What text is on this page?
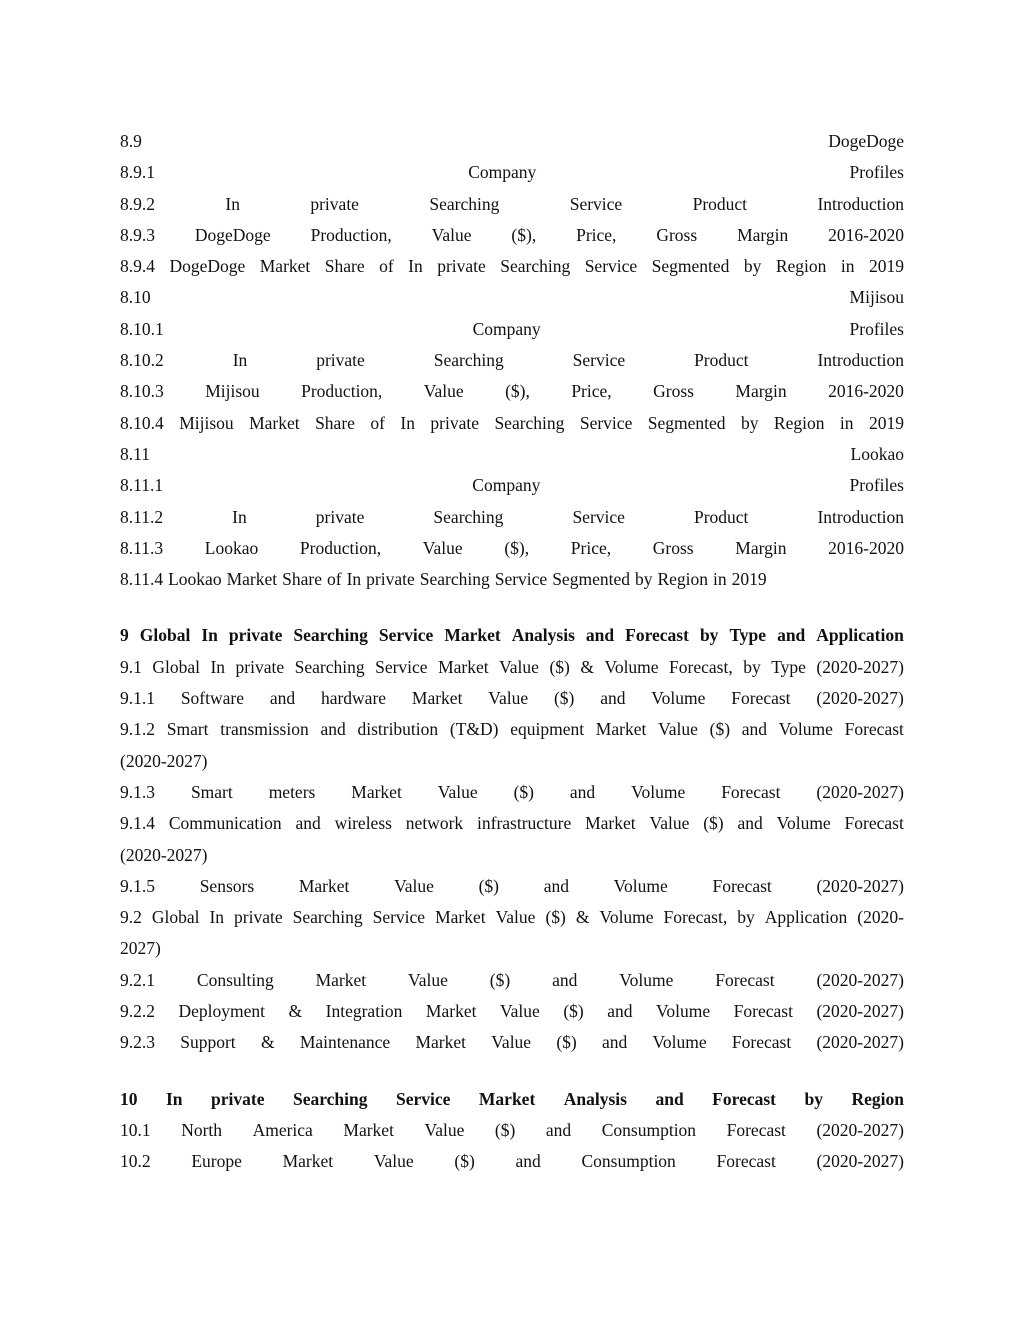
8.9	DogeDoge
8.9.1	Company	Profiles
8.9.2	In	private	Searching	Service	Product	Introduction
8.9.3 DogeDoge Production, Value ($), Price, Gross Margin 2016-2020
8.9.4 DogeDoge Market Share of In private Searching Service Segmented by Region in 2019
8.10	Mijisou
8.10.1	Company	Profiles
8.10.2	In	private	Searching	Service	Product	Introduction
8.10.3 Mijisou Production, Value ($), Price, Gross Margin 2016-2020
8.10.4 Mijisou Market Share of In private Searching Service Segmented by Region in 2019
8.11	Lookao
8.11.1	Company	Profiles
8.11.2	In	private	Searching	Service	Product	Introduction
8.11.3 Lookao Production, Value ($), Price, Gross Margin 2016-2020
8.11.4 Lookao Market Share of In private Searching Service Segmented by Region in 2019
9 Global In private Searching Service Market Analysis and Forecast by Type and Application
9.1 Global In private Searching Service Market Value ($) & Volume Forecast, by Type (2020-2027)
9.1.1 Software and hardware Market Value ($) and Volume Forecast (2020-2027)
9.1.2 Smart transmission and distribution (T&D) equipment Market Value ($) and Volume Forecast
(2020-2027)
9.1.3 Smart meters Market Value ($) and Volume Forecast (2020-2027)
9.1.4 Communication and wireless network infrastructure Market Value ($) and Volume Forecast
(2020-2027)
9.1.5	Sensors	Market	Value	($)	and	Volume	Forecast	(2020-2027)
9.2 Global In private Searching Service Market Value ($) & Volume Forecast, by Application (2020-
2027)
9.2.1 Consulting Market Value ($) and Volume Forecast (2020-2027)
9.2.2 Deployment & Integration Market Value ($) and Volume Forecast (2020-2027)
9.2.3 Support & Maintenance Market Value ($) and Volume Forecast (2020-2027)
10 In private Searching Service Market Analysis and Forecast by Region
10.1 North America Market Value ($) and Consumption Forecast (2020-2027)
10.2 Europe Market Value ($) and Consumption Forecast (2020-2027)
